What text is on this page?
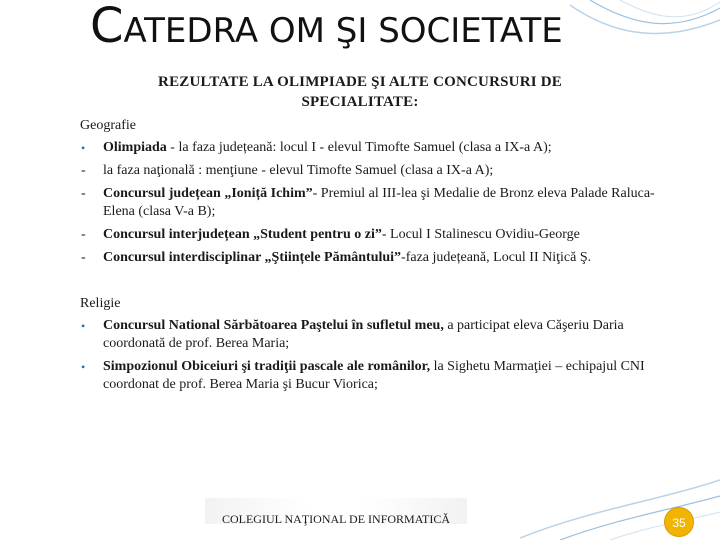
CATEDRA OM ŞI SOCIETATE
REZULTATE LA OLIMPIADE ŞI ALTE CONCURSURI DE
SPECIALITATE:
Geografie
•	Olimpiada - la faza județeană: locul I - elevul Timofte Samuel (clasa a IX-a A);
-	la faza naţională : menţiune - elevul Timofte Samuel (clasa a IX-a A);
-	Concursul județean „Ioniță Ichim”- Premiul al III-lea şi Medalie de Bronz eleva Palade Raluca-Elena (clasa V-a B);
-	Concursul interjudețean „Student pentru o zi”- Locul I Stalinescu Ovidiu-George
-	Concursul interdisciplinar „Ştiințele Pământului”-faza județeană, Locul II Niţică Ş.
Religie
•	Concursul National Sărbătoarea Paştelui în sufletul meu, a participat eleva Căşeriu Daria coordonată de prof. Berea Maria;
•	Simpozionul Obiceiuri şi tradiţii pascale ale românilor, la Sighetu Marmaţiei – echipajul CNI coordonat de prof. Berea Maria şi Bucur Viorica;
COLEGIUL NAŢIONAL DE INFORMATICĂ	35
